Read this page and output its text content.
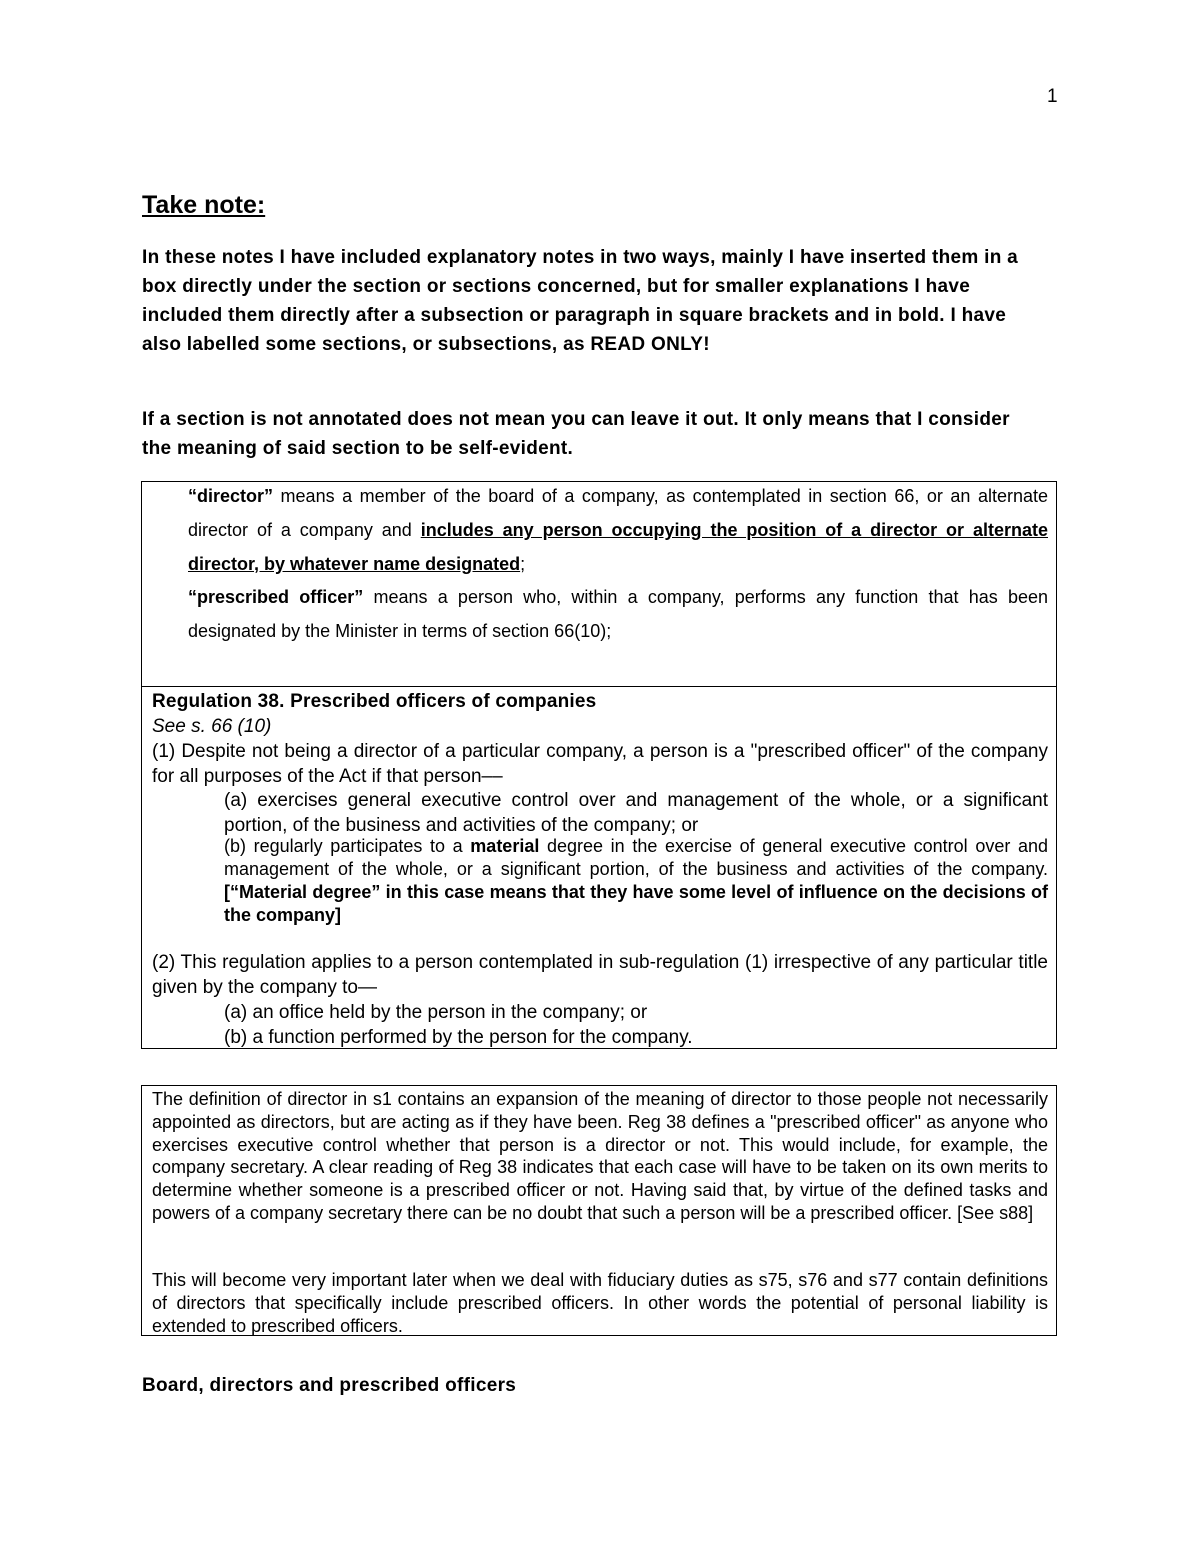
1
Take note:

In these notes I have included explanatory notes in two ways, mainly I have inserted them in a box directly under the section or sections concerned, but for smaller explanations I have included them directly after a subsection or paragraph in square brackets and in bold. I have also labelled some sections, or subsections, as READ ONLY!

If a section is not annotated does not mean you can leave it out. It only means that I consider the meaning of said section to be self-evident.

“director” means a member of the board of a company, as contemplated in section 66, or an alternate director of a company and includes any person occupying the position of a director or alternate director, by whatever name designated;

“prescribed officer” means a person who, within a company, performs any function that has been designated by the Minister in terms of section 66(10);

Regulation 38. Prescribed officers of companies

See s. 66 (10)

(1) Despite not being a director of a particular company, a person is a "prescribed officer" of the company for all purposes of the Act if that person––

(a) exercises general executive control over and management of the whole, or a significant portion, of the business and activities of the company; or

(b) regularly participates to a material degree in the exercise of general executive control over and management of the whole, or a significant portion, of the business and activities of the company. [“Material degree” in this case means that they have some level of influence on the decisions of the company]

(2) This regulation applies to a person contemplated in sub-regulation (1) irrespective of any particular title given by the company to—

(a) an office held by the person in the company; or

(b) a function performed by the person for the company.

The definition of director in s1 contains an expansion of the meaning of director to those people not necessarily appointed as directors, but are acting as if they have been. Reg 38 defines a "prescribed officer" as anyone who exercises executive control whether that person is a director or not. This would include, for example, the company secretary. A clear reading of Reg 38 indicates that each case will have to be taken on its own merits to determine whether someone is a prescribed officer or not. Having said that, by virtue of the defined tasks and powers of a company secretary there can be no doubt that such a person will be a prescribed officer. [See s88]

This will become very important later when we deal with fiduciary duties as s75, s76 and s77 contain definitions of directors that specifically include prescribed officers. In other words the potential of personal liability is extended to prescribed officers.

Board, directors and prescribed officers
